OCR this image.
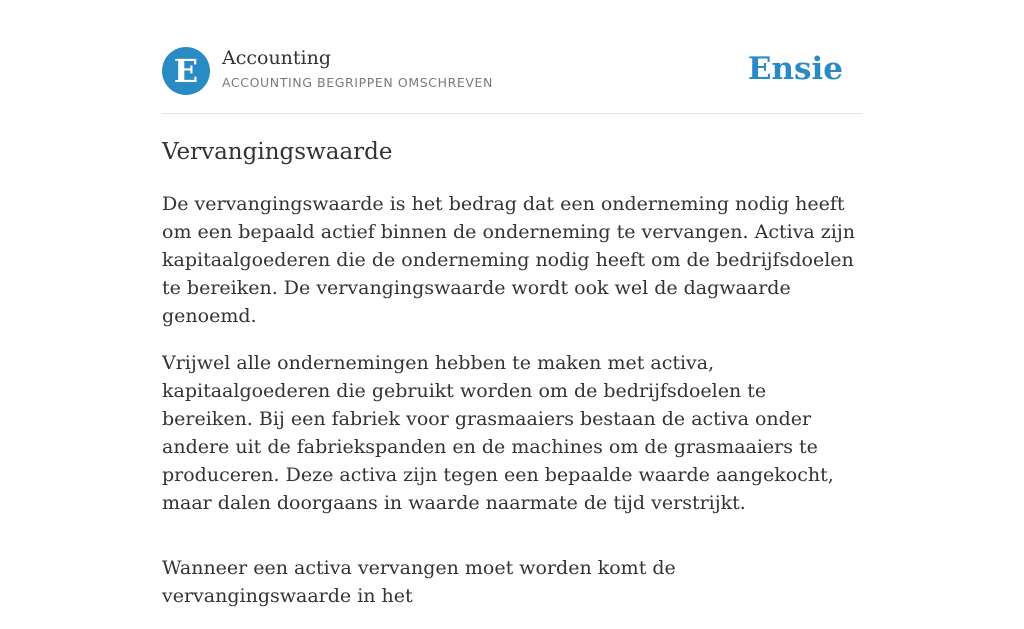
E	Accounting
ACCOUNTING BEGRIPPEN OMSCHREVEN	Ensie
Vervangingswaarde

De vervangingswaarde is het bedrag dat een onderneming nodig heeft om een bepaald actief binnen de onderneming te vervangen. Activa zijn kapitaalgoederen die de onderneming nodig heeft om de bedrijfsdoelen te bereiken. De vervangingswaarde wordt ook wel de dagwaarde genoemd.

Vrijwel alle ondernemingen hebben te maken met activa, kapitaalgoederen die gebruikt worden om de bedrijfsdoelen te bereiken. Bij een fabriek voor grasmaaiers bestaan de activa onder andere uit de fabriekspanden en de machines om de grasmaaiers te produceren. Deze activa zijn tegen een bepaalde waarde aangekocht, maar dalen doorgaans in waarde naarmate de tijd verstrijkt.

Wanneer een activa vervangen moet worden komt de vervangingswaarde in het
